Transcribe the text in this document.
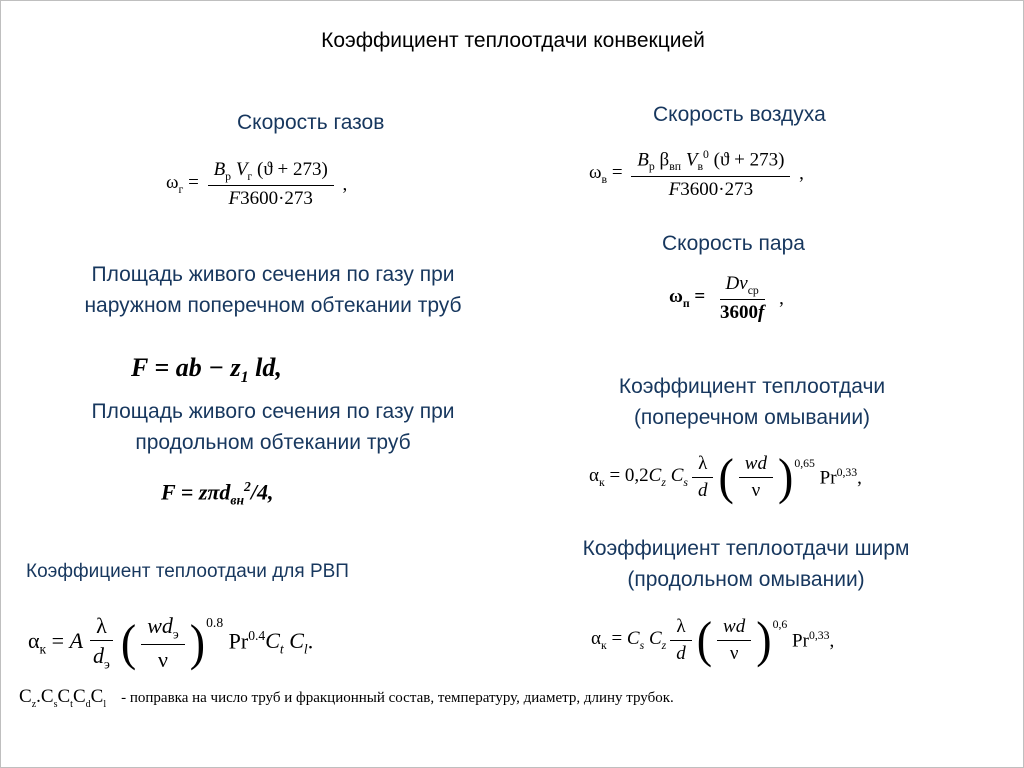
Коэффициент теплоотдачи конвекцией
Скорость газов
$\omega_г = \frac{B_р V_г (ϑ + 273)}{F3600\cdot 273}$ ,
Скорость воздуха
$\omega_в = \frac{B_р \beta_{вп} V_в^0 (ϑ + 273)}{F3600\cdot 273}$ ,
Скорость пара
$\omega_п = \frac{Dv_{ср}}{3600f}$ ,
Площадь живого сечения по газу при
наружном поперечном обтекании труб
F = ab − $z_1$ ld,
Площадь живого сечения по газу при
продольном обтекании труб
F = zπd$_{вн}^2$/4,
Коэффициент теплоотдачи
(поперечном омывании)
$\alpha_к = 0,2C_z$ $C_s \frac{\lambda}{d}$ ( $\frac{wd}{\nu} )^{0,65}$
Pr$^{0,33}$,
Коэффициент теплоотдачи для РВП
$\alpha_к = A \frac{\lambda}{d_э}$ ( $\frac{wd_э}{\nu} )^{0.8}$
$Pr^{0.4}C_t$ $C_l$.
Коэффициент теплоотдачи ширм
(продольном омывании)
$\alpha_к = C_s$ $C_z \frac{\lambda}{d}$ ( $\frac{wd}{\nu} )^{0,6}$
Pr$^{0,33}$,
$C_z.C_sC_tC_dC_l$ - поправка на число труб и фракционный состав, температуру, диаметр, длину трубок.
